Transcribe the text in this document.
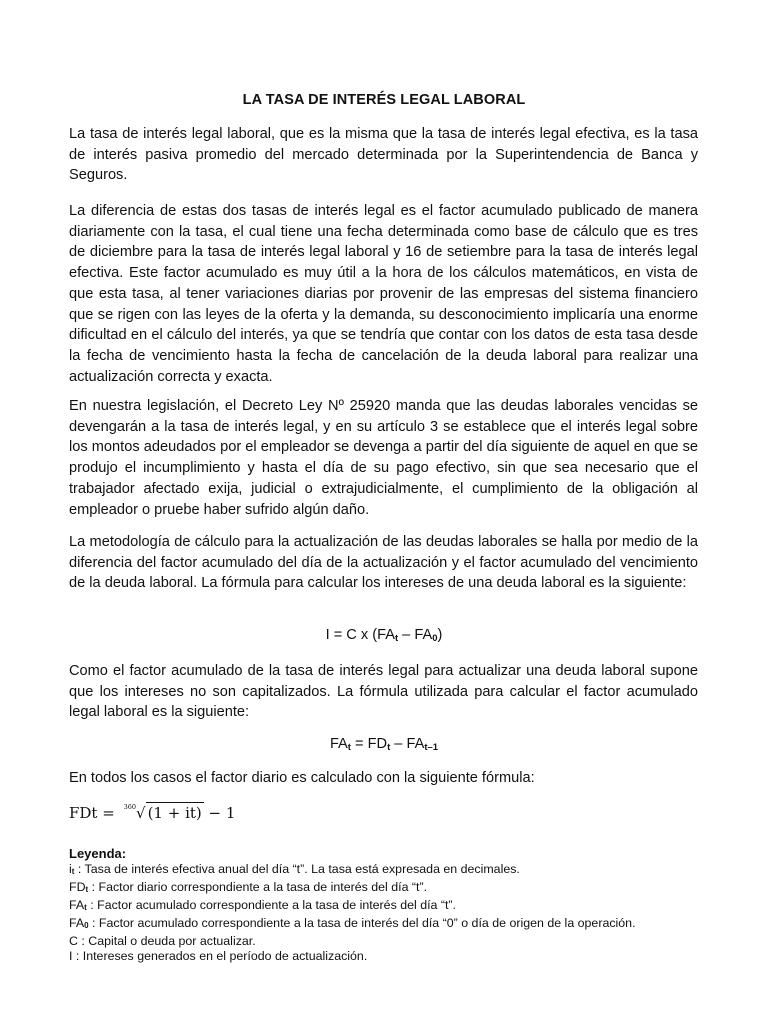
LA TASA DE INTERÉS LEGAL LABORAL

La tasa de interés legal laboral, que es la misma que la tasa de interés legal efectiva, es la tasa de interés pasiva promedio del mercado determinada por la Superintendencia de Banca y Seguros.

La diferencia de estas dos tasas de interés legal es el factor acumulado publicado de manera diariamente con la tasa, el cual tiene una fecha determinada como base de cálculo que es tres de diciembre para la tasa de interés legal laboral y 16 de setiembre para la tasa de interés legal efectiva. Este factor acumulado es muy útil a la hora de los cálculos matemáticos, en vista de que esta tasa, al tener variaciones diarias por provenir de las empresas del sistema financiero que se rigen con las leyes de la oferta y la demanda, su desconocimiento implicaría una enorme dificultad en el cálculo del interés, ya que se tendría que contar con los datos de esta tasa desde la fecha de vencimiento hasta la fecha de cancelación de la deuda laboral para realizar una actualización correcta y exacta.

En nuestra legislación, el Decreto Ley Nº 25920 manda que las deudas laborales vencidas se devengarán a la tasa de interés legal, y en su artículo 3 se establece que el interés legal sobre los montos adeudados por el empleador se devenga a partir del día siguiente de aquel en que se produjo el incumplimiento y hasta el día de su pago efectivo, sin que sea necesario que el trabajador afectado exija, judicial o extrajudicialmente, el cumplimiento de la obligación al empleador o pruebe haber sufrido algún daño.

La metodología de cálculo para la actualización de las deudas laborales se halla por medio de la diferencia del factor acumulado del día de la actualización y el factor acumulado del vencimiento de la deuda laboral. La fórmula para calcular los intereses de una deuda laboral es la siguiente:

I = C x $(FA_t - FA_0)$

Como el factor acumulado de la tasa de interés legal para actualizar una deuda laboral supone que los intereses no son capitalizados. La fórmula utilizada para calcular el factor acumulado legal laboral es la siguiente:

$FA_t = FD_t - FA_{t-1}$

En todos los casos el factor diario es calculado con la siguiente fórmula:

FDt = $^{360}$√ (1 + it) − 1
Leyenda:
it : Tasa de interés efectiva anual del día “t”. La tasa está expresada en decimales.
FDt : Factor diario correspondiente a la tasa de interés del día “t”.
FAt : Factor acumulado correspondiente a la tasa de interés del día “t”.
FA0 : Factor acumulado correspondiente a la tasa de interés del día “0” o día de origen de la operación.
C : Capital o deuda por actualizar.
I : Intereses generados en el período de actualización.
